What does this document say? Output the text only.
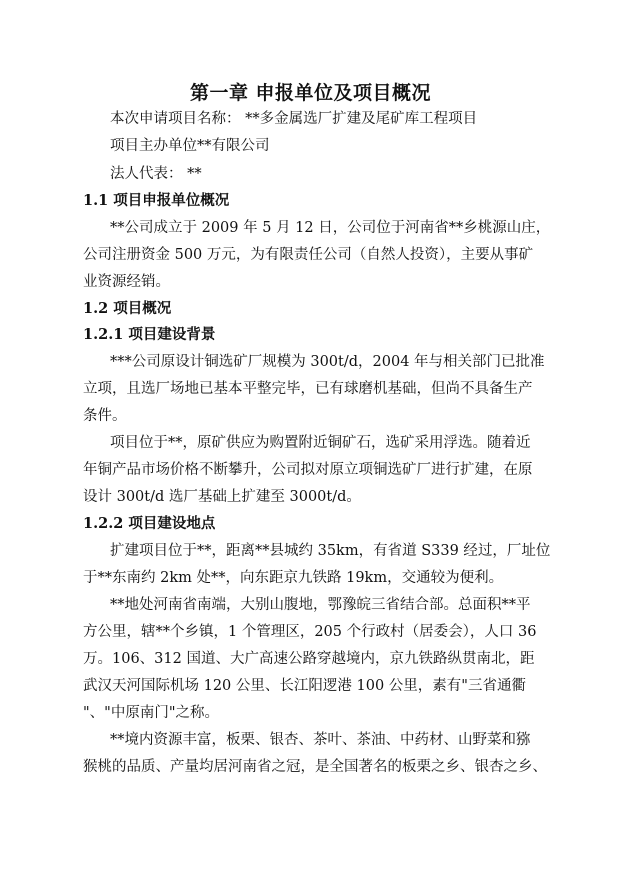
第一章 申报单位及项目概况
本次申请项目名称： **多金属选厂扩建及尾矿库工程项目
项目主办单位**有限公司
法人代表： **
1.1 项目申报单位概况
**公司成立于 2009 年 5 月 12 日，公司位于河南省**乡桃源山庄，
公司注册资金 500 万元，为有限责任公司（自然人投资），主要从事矿
业资源经销。
1.2 项目概况
1.2.1 项目建设背景
***公司原设计铜选矿厂规模为 300t/d，2004 年与相关部门已批准
立项，且选厂场地已基本平整完毕，已有球磨机基础，但尚不具备生产
条件。
项目位于**，原矿供应为购置附近铜矿石，选矿采用浮选。随着近
年铜产品市场价格不断攀升，公司拟对原立项铜选矿厂进行扩建，在原
设计 300t/d 选厂基础上扩建至 3000t/d。
1.2.2 项目建设地点
扩建项目位于**，距离**县城约 35km，有省道 S339 经过，厂址位
于**东南约 2km 处**，向东距京九铁路 19km，交通较为便利。
**地处河南省南端，大别山腹地，鄂豫皖三省结合部。总面积**平
方公里，辖**个乡镇，1 个管理区，205 个行政村（居委会），人口 36
万。106、312 国道、大广高速公路穿越境内，京九铁路纵贯南北，距
武汉天河国际机场 120 公里、长江阳逻港 100 公里，素有"三省通衢
"、"中原南门"之称。
**境内资源丰富，板栗、银杏、茶叶、茶油、中药材、山野菜和猕
猴桃的品质、产量均居河南省之冠，是全国著名的板栗之乡、银杏之乡、
